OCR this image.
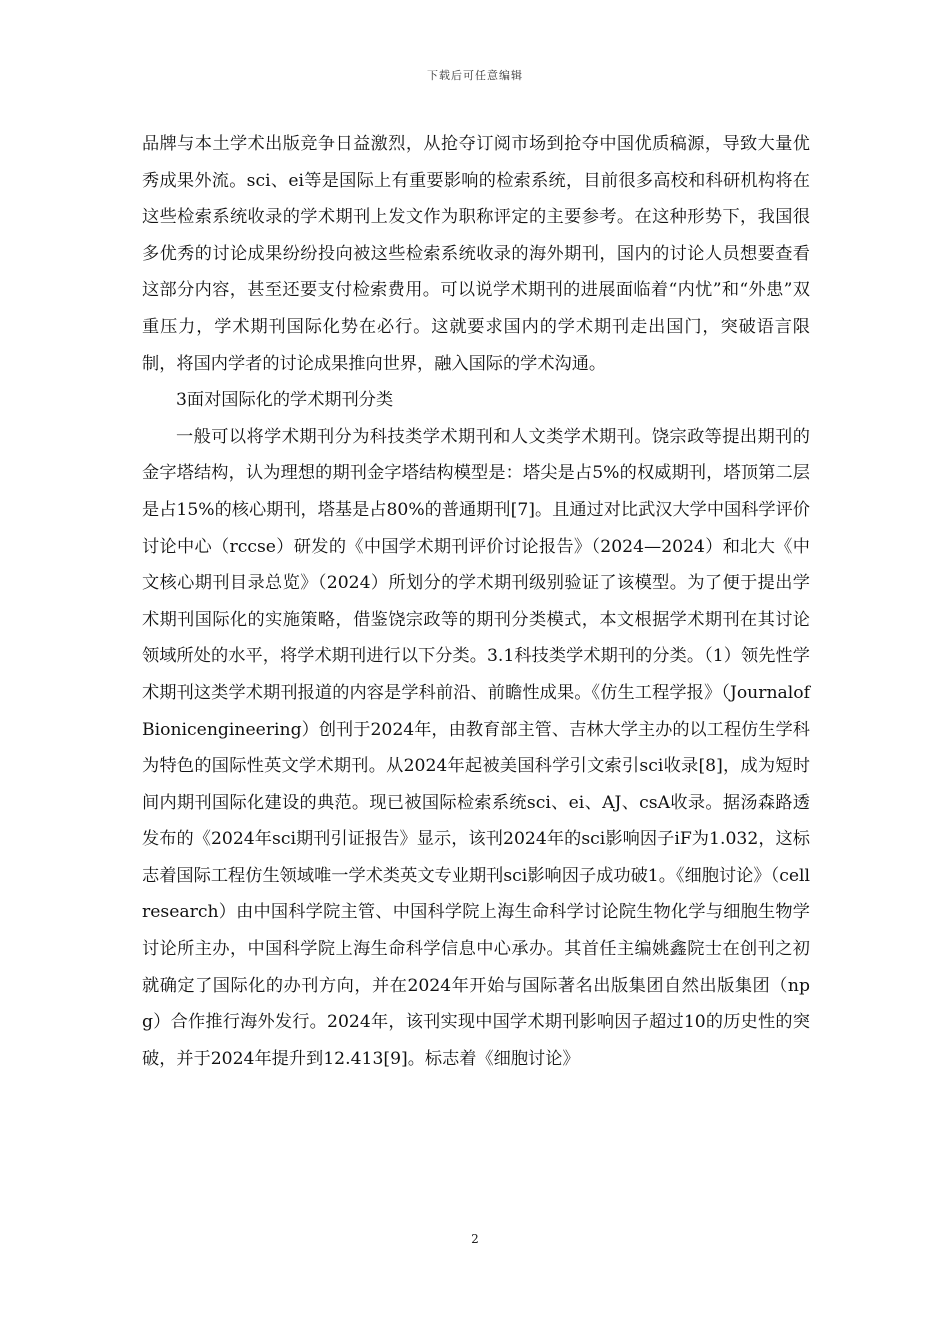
下载后可任意编辑

品牌与本土学术出版竞争日益激烈，从抢夺订阅市场到抢夺中国优质稿源，导致大量优秀成果外流。sci、ei等是国际上有重要影响的检索系统，目前很多高校和科研机构将在这些检索系统收录的学术期刊上发文作为职称评定的主要参考。在这种形势下，我国很多优秀的讨论成果纷纷投向被这些检索系统收录的海外期刊，国内的讨论人员想要查看这部分内容，甚至还要支付检索费用。可以说学术期刊的进展面临着“内忧”和“外患”双重压力，学术期刊国际化势在必行。这就要求国内的学术期刊走出国门，突破语言限制，将国内学者的讨论成果推向世界，融入国际的学术沟通。

3面对国际化的学术期刊分类

一般可以将学术期刊分为科技类学术期刊和人文类学术期刊。饶宗政等提出期刊的金字塔结构，认为理想的期刊金字塔结构模型是：塔尖是占5%的权威期刊，塔顶第二层是占15%的核心期刊，塔基是占80%的普通期刊[7]。且通过对比武汉大学中国科学评价讨论中心（rccse）研发的《中国学术期刊评价讨论报告》（2024—2024）和北大《中文核心期刊目录总览》（2024）所划分的学术期刊级别验证了该模型。为了便于提出学术期刊国际化的实施策略，借鉴饶宗政等的期刊分类模式，本文根据学术期刊在其讨论领域所处的水平，将学术期刊进行以下分类。3.1科技类学术期刊的分类。（1）领先性学术期刊这类学术期刊报道的内容是学科前沿、前瞻性成果。《仿生工程学报》（JournalofBionicengineering）创刊于2024年，由教育部主管、吉林大学主办的以工程仿生学科为特色的国际性英文学术期刊。从2024年起被美国科学引文索引sci收录[8]，成为短时间内期刊国际化建设的典范。现已被国际检索系统sci、ei、AJ、csA收录。据汤森路透发布的《2024年sci期刊引证报告》显示，该刊2024年的sci影响因子iF为1.032，这标志着国际工程仿生领域唯一学术类英文专业期刊sci影响因子成功破1。《细胞讨论》（cellresearch）由中国科学院主管、中国科学院上海生命科学讨论院生物化学与细胞生物学讨论所主办，中国科学院上海生命科学信息中心承办。其首任主编姚鑫院士在创刊之初就确定了国际化的办刊方向，并在2024年开始与国际著名出版集团自然出版集团（npg）合作推行海外发行。2024年，该刊实现中国学术期刊影响因子超过10的历史性的突破，并于2024年提升到12.413[9]。标志着《细胞讨论》

2
